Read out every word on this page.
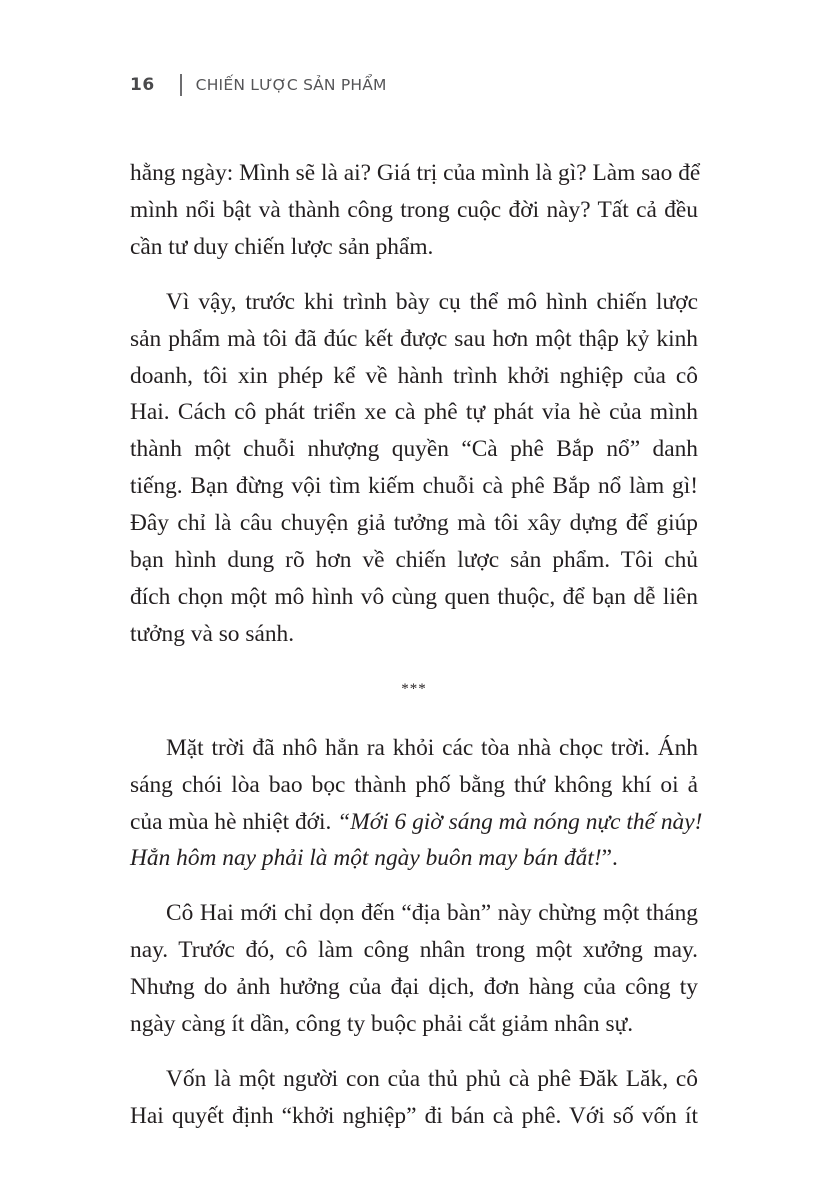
16	CHIẾN LƯỢC SẢN PHẨM

hằng ngày: Mình sẽ là ai? Giá trị của mình là gì? Làm sao để
mình nổi bật và thành công trong cuộc đời này? Tất cả đều
cần tư duy chiến lược sản phẩm.

Vì vậy, trước khi trình bày cụ thể mô hình chiến lược
sản phẩm mà tôi đã đúc kết được sau hơn một thập kỷ kinh
doanh, tôi xin phép kể về hành trình khởi nghiệp của cô
Hai. Cách cô phát triển xe cà phê tự phát vỉa hè của mình
thành một chuỗi nhượng quyền “Cà phê Bắp nổ” danh
tiếng. Bạn đừng vội tìm kiếm chuỗi cà phê Bắp nổ làm gì!
Đây chỉ là câu chuyện giả tưởng mà tôi xây dựng để giúp
bạn hình dung rõ hơn về chiến lược sản phẩm. Tôi chủ
đích chọn một mô hình vô cùng quen thuộc, để bạn dễ liên
tưởng và so sánh.

***

Mặt trời đã nhô hẳn ra khỏi các tòa nhà chọc trời. Ánh
sáng chói lòa bao bọc thành phố bằng thứ không khí oi ả
của mùa hè nhiệt đới. “Mới 6 giờ sáng mà nóng nực thế này!
Hẳn hôm nay phải là một ngày buôn may bán đắt!”.

Cô Hai mới chỉ dọn đến “địa bàn” này chừng một tháng
nay. Trước đó, cô làm công nhân trong một xưởng may.
Nhưng do ảnh hưởng của đại dịch, đơn hàng của công ty
ngày càng ít dần, công ty buộc phải cắt giảm nhân sự.

Vốn là một người con của thủ phủ cà phê Đăk Lăk, cô
Hai quyết định “khởi nghiệp” đi bán cà phê. Với số vốn ít
